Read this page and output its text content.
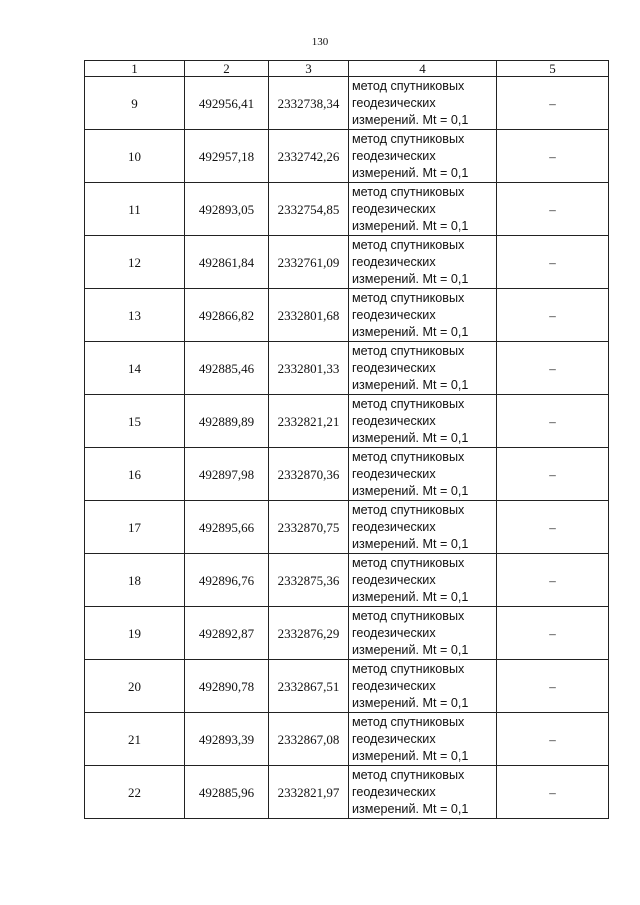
130
1	2	3	4	5
9	492956,41	2332738,34	метод спутниковых
геодезических
измерений. Mt = 0,1	–
10	492957,18	2332742,26	метод спутниковых
геодезических
измерений. Mt = 0,1	–
11	492893,05	2332754,85	метод спутниковых
геодезических
измерений. Mt = 0,1	–
12	492861,84	2332761,09	метод спутниковых
геодезических
измерений. Mt = 0,1	–
13	492866,82	2332801,68	метод спутниковых
геодезических
измерений. Mt = 0,1	–
14	492885,46	2332801,33	метод спутниковых
геодезических
измерений. Mt = 0,1	–
15	492889,89	2332821,21	метод спутниковых
геодезических
измерений. Mt = 0,1	–
16	492897,98	2332870,36	метод спутниковых
геодезических
измерений. Mt = 0,1	–
17	492895,66	2332870,75	метод спутниковых
геодезических
измерений. Mt = 0,1	–
18	492896,76	2332875,36	метод спутниковых
геодезических
измерений. Mt = 0,1	–
19	492892,87	2332876,29	метод спутниковых
геодезических
измерений. Mt = 0,1	–
20	492890,78	2332867,51	метод спутниковых
геодезических
измерений. Mt = 0,1	–
21	492893,39	2332867,08	метод спутниковых
геодезических
измерений. Mt = 0,1	–
22	492885,96	2332821,97	метод спутниковых
геодезических
измерений. Mt = 0,1	–
